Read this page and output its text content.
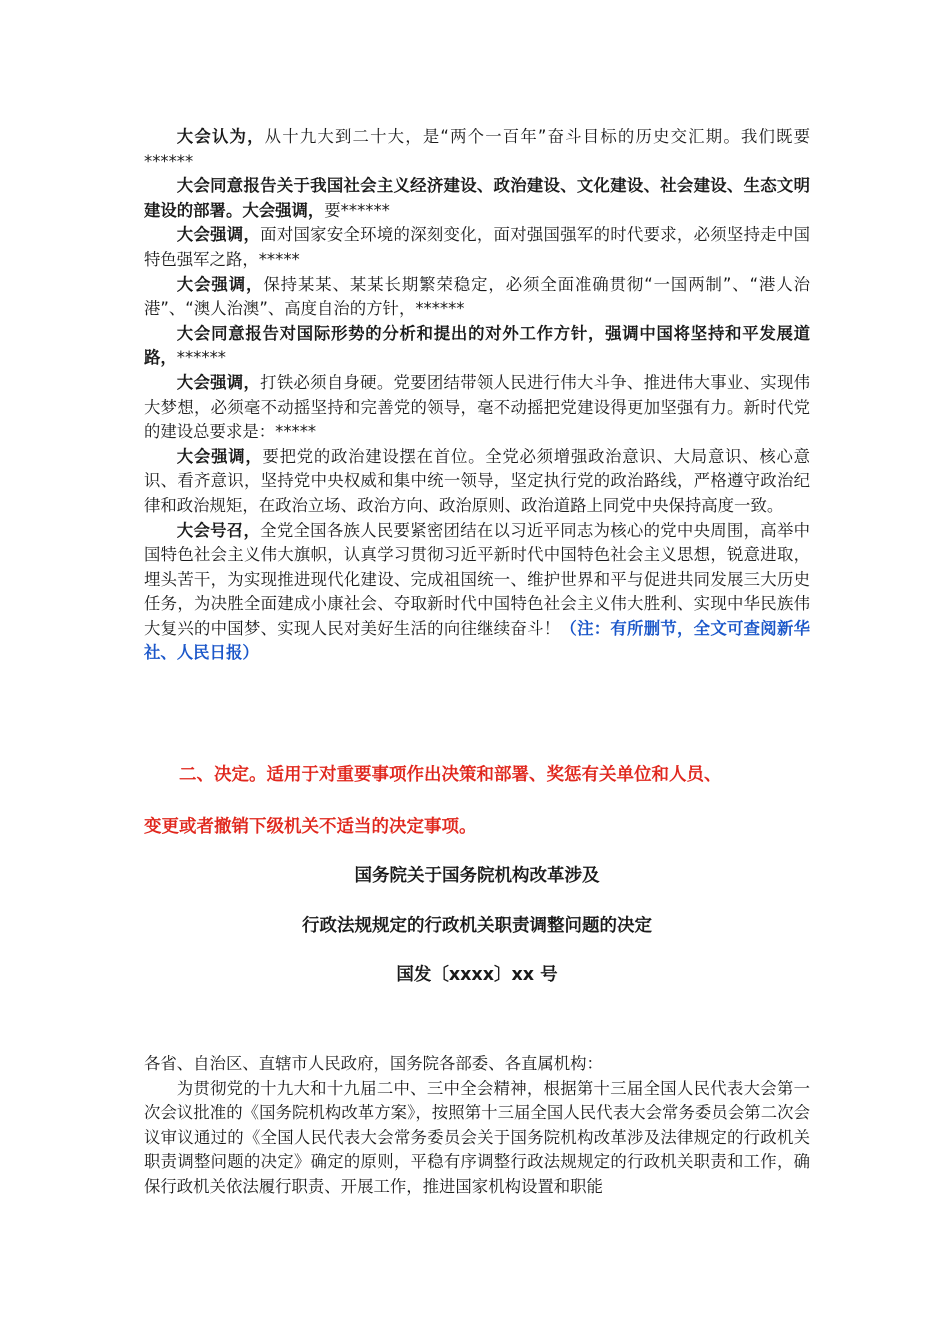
大会认为，从十九大到二十大，是“两个一百年”奋斗目标的历史交汇期。我们既要******

大会同意报告关于我国社会主义经济建设、政治建设、文化建设、社会建设、生态文明建设的部署。大会强调，要******

大会强调，面对国家安全环境的深刻变化，面对强国强军的时代要求，必须坚持走中国特色强军之路，*****

大会强调，保持某某、某某长期繁荣稳定，必须全面准确贯彻“一国两制”、“港人治港”、“澳人治澳”、高度自治的方针，******

大会同意报告对国际形势的分析和提出的对外工作方针，强调中国将坚持和平发展道路，******

大会强调，打铁必须自身硬。党要团结带领人民进行伟大斗争、推进伟大事业、实现伟大梦想，必须毫不动摇坚持和完善党的领导，毫不动摇把党建设得更加坚强有力。新时代党的建设总要求是：*****

大会强调，要把党的政治建设摆在首位。全党必须增强政治意识、大局意识、核心意识、看齐意识，坚持党中央权威和集中统一领导，坚定执行党的政治路线，严格遵守政治纪律和政治规矩，在政治立场、政治方向、政治原则、政治道路上同党中央保持高度一致。

大会号召，全党全国各族人民要紧密团结在以习近平同志为核心的党中央周围，高举中国特色社会主义伟大旗帜，认真学习贯彻习近平新时代中国特色社会主义思想，锐意进取，埋头苦干，为实现推进现代化建设、完成祖国统一、维护世界和平与促进共同发展三大历史任务，为决胜全面建成小康社会、夺取新时代中国特色社会主义伟大胜利、实现中华民族伟大复兴的中国梦、实现人民对美好生活的向往继续奋斗！（注：有所删节，全文可查阅新华社、人民日报）

二、决定。适用于对重要事项作出决策和部署、奖惩有关单位和人员、

变更或者撤销下级机关不适当的决定事项。

国务院关于国务院机构改革涉及

行政法规规定的行政机关职责调整问题的决定

国发〔xxxx〕xx 号

各省、自治区、直辖市人民政府，国务院各部委、各直属机构：

为贯彻党的十九大和十九届二中、三中全会精神，根据第十三届全国人民代表大会第一次会议批准的《国务院机构改革方案》，按照第十三届全国人民代表大会常务委员会第二次会议审议通过的《全国人民代表大会常务委员会关于国务院机构改革涉及法律规定的行政机关职责调整问题的决定》确定的原则，平稳有序调整行政法规规定的行政机关职责和工作，确保行政机关依法履行职责、开展工作，推进国家机构设置和职能
